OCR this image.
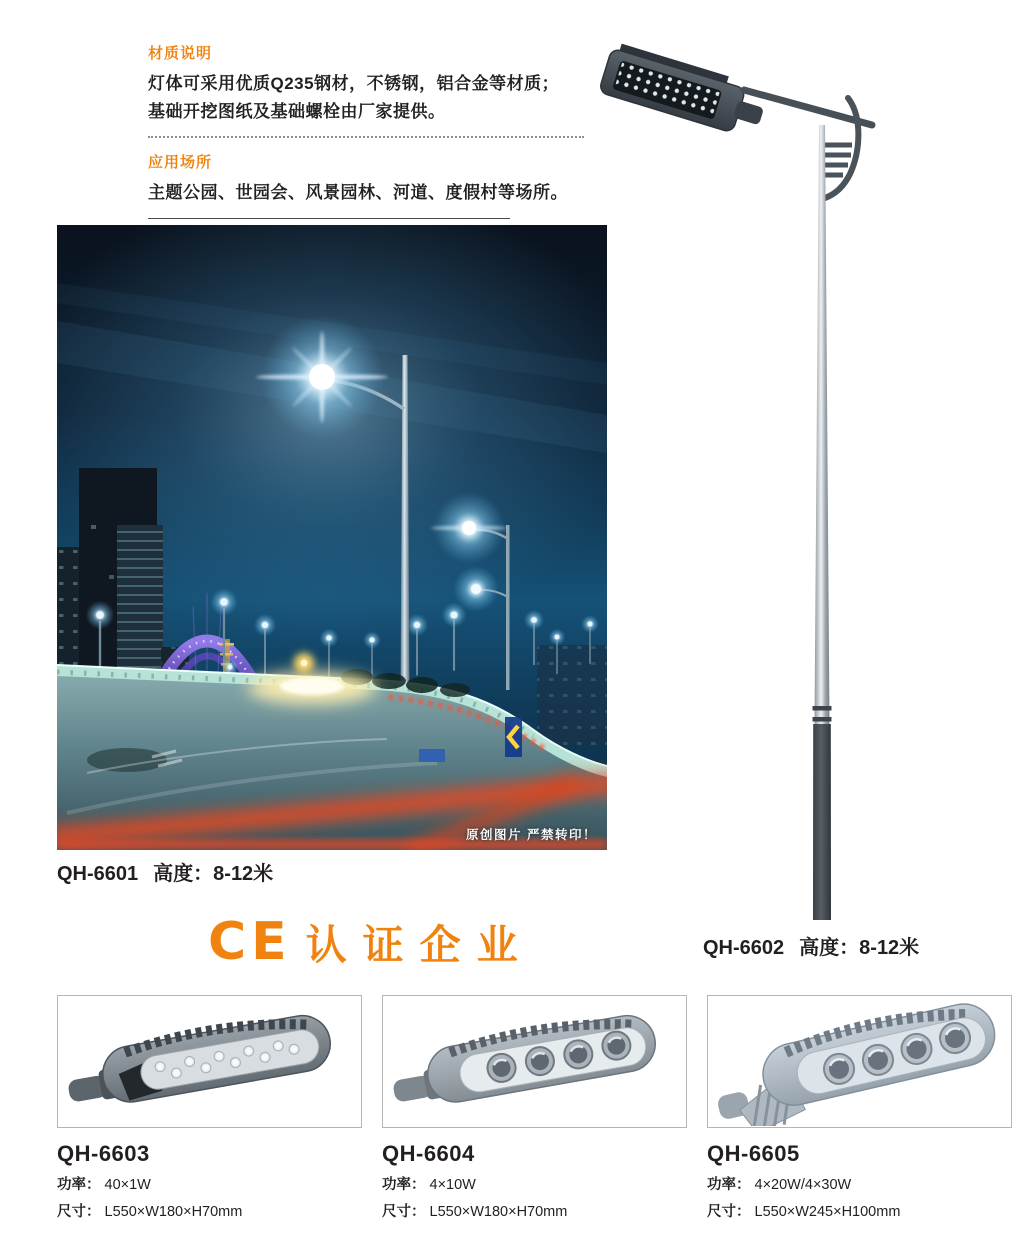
材质说明

灯体可采用优质Q235钢材，不锈钢，铝合金等材质；

基础开挖图纸及基础螺栓由厂家提供。

应用场所

主题公园、世园会、风景园林、河道、度假村等场所。

原创图片 严禁转印！
QH-6601 高度：8-12米
QH-6602 高度：8-12米
CE 认证企业
QH-6603
功率： 40×1W
尺寸： L550×W180×H70mm
QH-6604
功率： 4×10W
尺寸： L550×W180×H70mm
QH-6605
功率： 4×20W/4×30W
尺寸： L550×W245×H100mm
